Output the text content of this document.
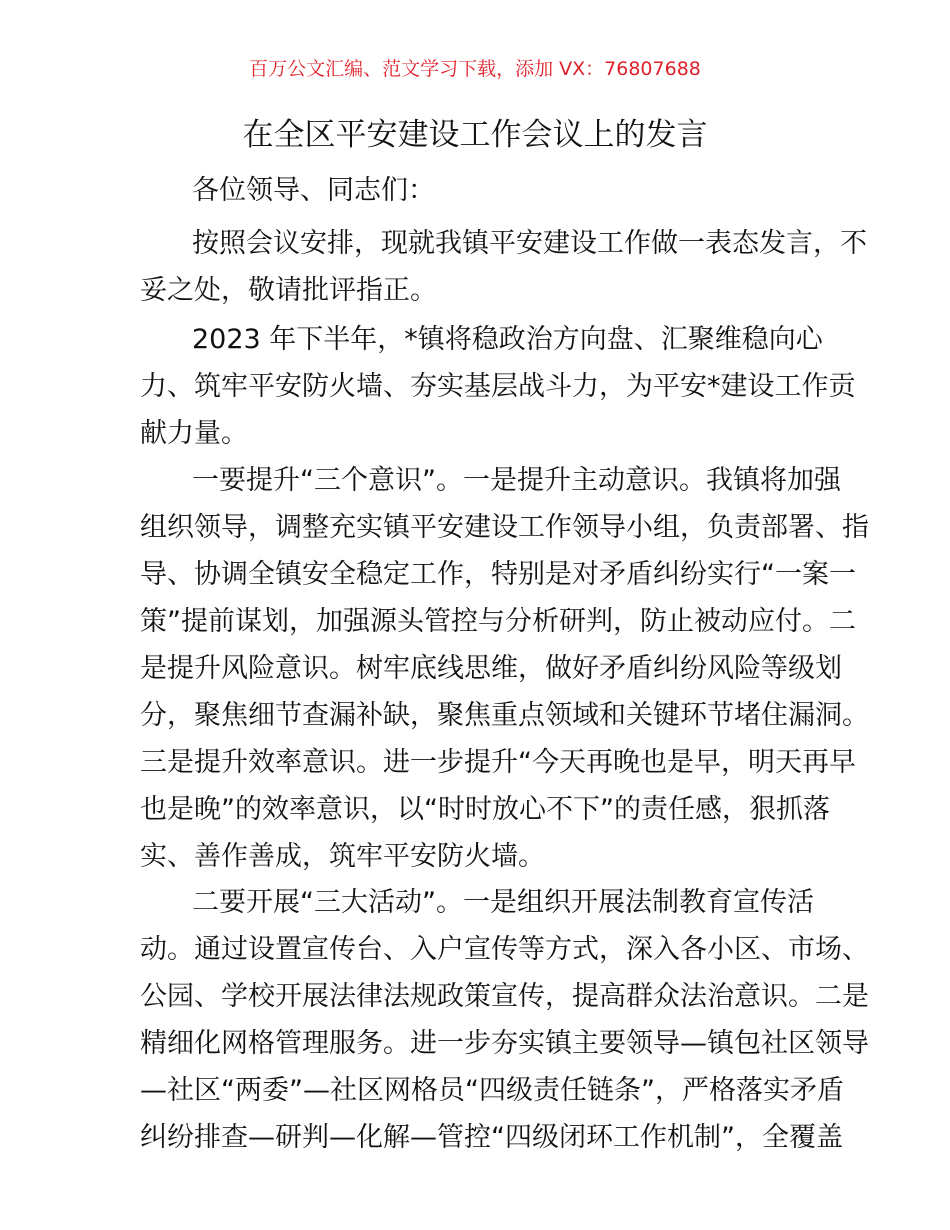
百万公文汇编、范文学习下载，添加 VX：76807688
在全区平安建设工作会议上的发言
各位领导、同志们：
按照会议安排，现就我镇平安建设工作做一表态发言，不
妥之处，敬请批评指正。
2023 年下半年，*镇将稳政治方向盘、汇聚维稳向心
力、筑牢平安防火墙、夯实基层战斗力，为平安*建设工作贡
献力量。
一要提升“三个意识”。一是提升主动意识。我镇将加强
组织领导，调整充实镇平安建设工作领导小组，负责部署、指
导、协调全镇安全稳定工作，特别是对矛盾纠纷实行“一案一
策”提前谋划，加强源头管控与分析研判，防止被动应付。二
是提升风险意识。树牢底线思维，做好矛盾纠纷风险等级划
分，聚焦细节查漏补缺，聚焦重点领域和关键环节堵住漏洞。
三是提升效率意识。进一步提升“今天再晚也是早，明天再早
也是晚”的效率意识，以“时时放心不下”的责任感，狠抓落
实、善作善成，筑牢平安防火墙。
二要开展“三大活动”。一是组织开展法制教育宣传活
动。通过设置宣传台、入户宣传等方式，深入各小区、市场、
公园、学校开展法律法规政策宣传，提高群众法治意识。二是
精细化网格管理服务。进一步夯实镇主要领导—镇包社区领导
—社区“两委”—社区网格员“四级责任链条”，严格落实矛盾
纠纷排查—研判—化解—管控“四级闭环工作机制”，全覆盖
